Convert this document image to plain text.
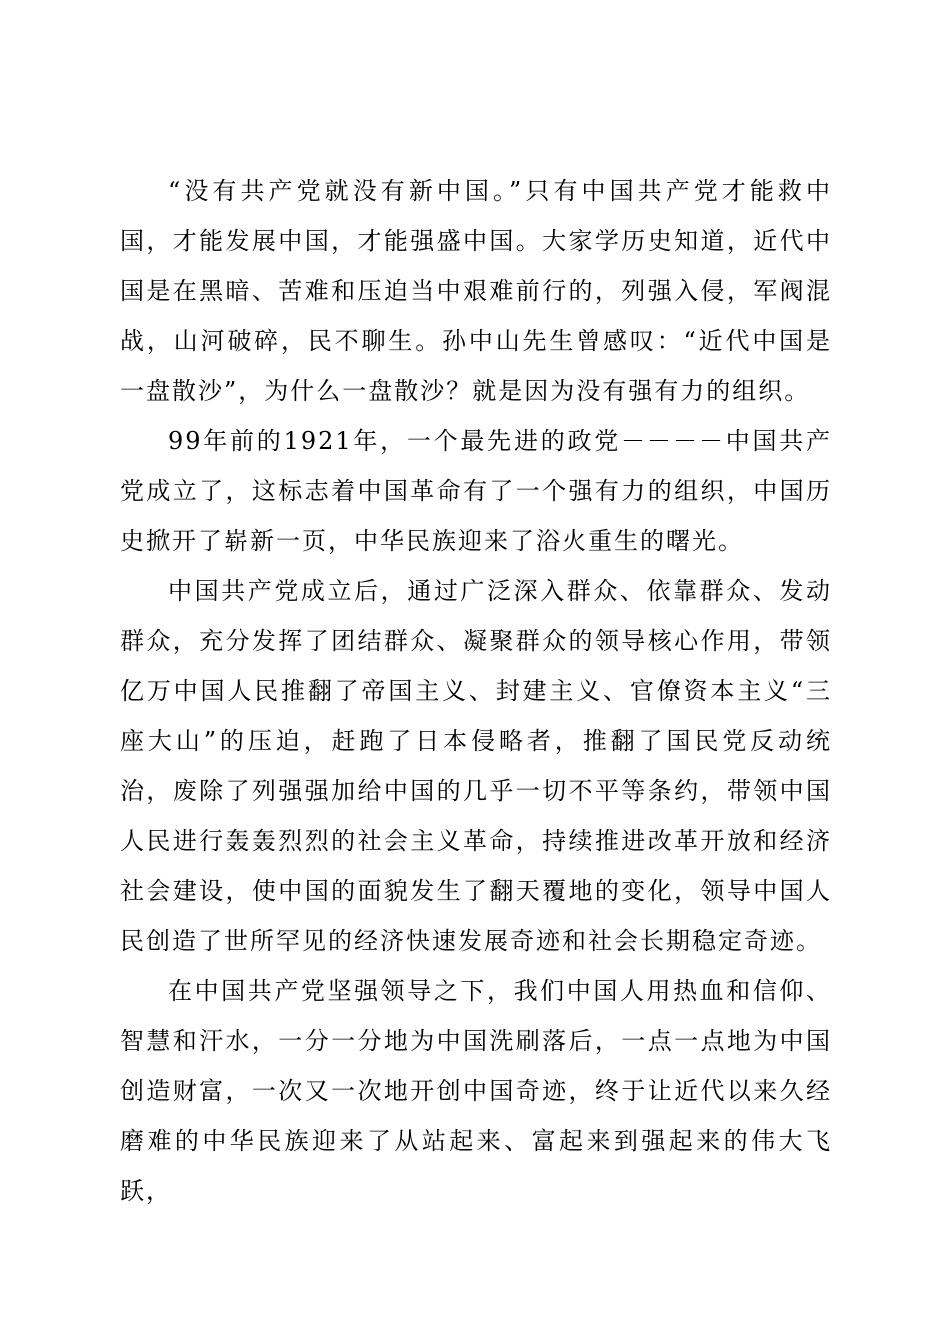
“没有共产党就没有新中国。”只有中国共产党才能救中国，才能发展中国，才能强盛中国。大家学历史知道，近代中国是在黑暗、苦难和压迫当中艰难前行的，列强入侵，军阀混战，山河破碎，民不聊生。孙中山先生曾感叹：“近代中国是一盘散沙”，为什么一盘散沙？就是因为没有强有力的组织。

99年前的1921年，一个最先进的政党－－－－中国共产党成立了，这标志着中国革命有了一个强有力的组织，中国历史掀开了崭新一页，中华民族迎来了浴火重生的曙光。

中国共产党成立后，通过广泛深入群众、依靠群众、发动群众，充分发挥了团结群众、凝聚群众的领导核心作用，带领亿万中国人民推翻了帝国主义、封建主义、官僚资本主义“三座大山”的压迫，赶跑了日本侵略者，推翻了国民党反动统治，废除了列强强加给中国的几乎一切不平等条约，带领中国人民进行轰轰烈烈的社会主义革命，持续推进改革开放和经济社会建设，使中国的面貌发生了翻天覆地的变化，领导中国人民创造了世所罕见的经济快速发展奇迹和社会长期稳定奇迹。

在中国共产党坚强领导之下，我们中国人用热血和信仰、智慧和汗水，一分一分地为中国洗刷落后，一点一点地为中国创造财富，一次又一次地开创中国奇迹，终于让近代以来久经磨难的中华民族迎来了从站起来、富起来到强起来的伟大飞跃，
